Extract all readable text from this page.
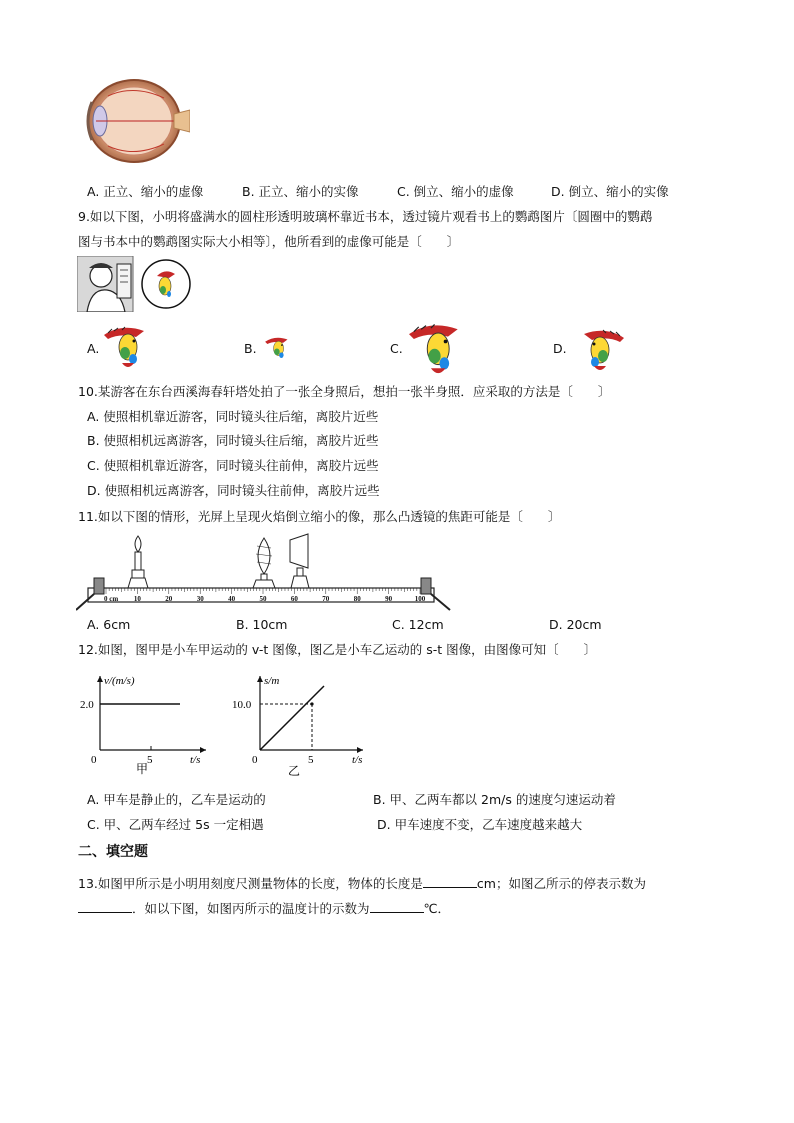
A. 正立、缩小的虚像	B. 正立、缩小的实像	C. 倒立、缩小的虚像	D. 倒立、缩小的实像
9.如以下图，小明将盛满水的圆柱形透明玻璃杯靠近书本，透过镜片观看书上的鹦鹉图片〔圆圈中的鹦鹉
图与书本中的鹦鹉图实际大小相等〕，他所看到的虚像可能是〔　　〕
A.	B.	C.	D.
10.某游客在东台西溪海春轩塔处拍了一张全身照后，想拍一张半身照．应采取的方法是〔　　〕
A. 使照相机靠近游客，同时镜头往后缩，离胶片近些
B. 使照相机远离游客，同时镜头往后缩，离胶片近些
C. 使照相机靠近游客，同时镜头往前伸，离胶片远些
D. 使照相机远离游客，同时镜头往前伸，离胶片远些
11.如以下图的情形，光屏上呈现火焰倒立缩小的像，那么凸透镜的焦距可能是〔　　〕
0 cm 10	20	30	40	50	60	70	80	90	100
A. 6cm	B. 10cm	C. 12cm	D. 20cm
12.如图，图甲是小车甲运动的 v-t 图像，图乙是小车乙运动的 s-t 图像，由图像可知〔　　〕
v/(m/s)
2.0
0	5	t/s
甲
s/m
10.0
0	5	t/s
乙
A. 甲车是静止的，乙车是运动的	B. 甲、乙两车都以 2m/s 的速度匀速运动着
C. 甲、乙两车经过 5s 一定相遇	D. 甲车速度不变，乙车速度越来越大
二、填空题
13.如图甲所示是小明用刻度尺测量物体的长度，物体的长度是	cm；如图乙所示的停表示数为
．如以下图，如图丙所示的温度计的示数为	℃．
